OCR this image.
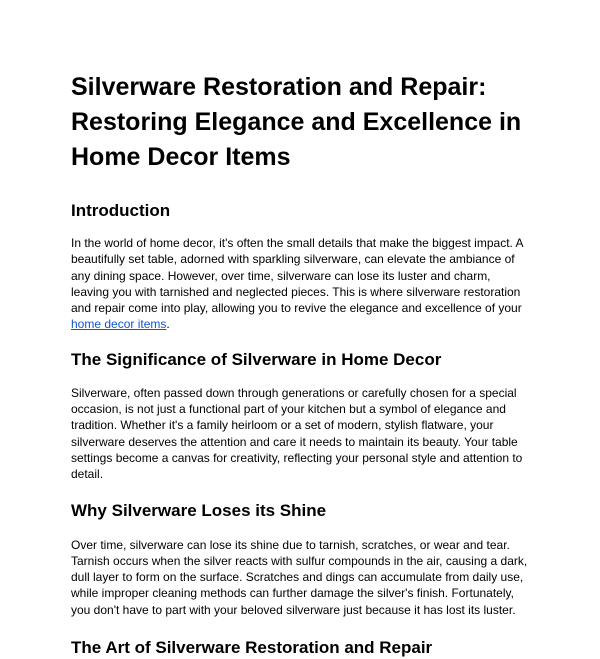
Silverware Restoration and Repair: Restoring Elegance and Excellence in Home Decor Items
Introduction

In the world of home decor, it's often the small details that make the biggest impact. A beautifully set table, adorned with sparkling silverware, can elevate the ambiance of any dining space. However, over time, silverware can lose its luster and charm, leaving you with tarnished and neglected pieces. This is where silverware restoration and repair come into play, allowing you to revive the elegance and excellence of your home decor items.

The Significance of Silverware in Home Decor

Silverware, often passed down through generations or carefully chosen for a special occasion, is not just a functional part of your kitchen but a symbol of elegance and tradition. Whether it's a family heirloom or a set of modern, stylish flatware, your silverware deserves the attention and care it needs to maintain its beauty. Your table settings become a canvas for creativity, reflecting your personal style and attention to detail.

Why Silverware Loses its Shine

Over time, silverware can lose its shine due to tarnish, scratches, or wear and tear. Tarnish occurs when the silver reacts with sulfur compounds in the air, causing a dark, dull layer to form on the surface. Scratches and dings can accumulate from daily use, while improper cleaning methods can further damage the silver's finish. Fortunately, you don't have to part with your beloved silverware just because it has lost its luster.

The Art of Silverware Restoration and Repair
